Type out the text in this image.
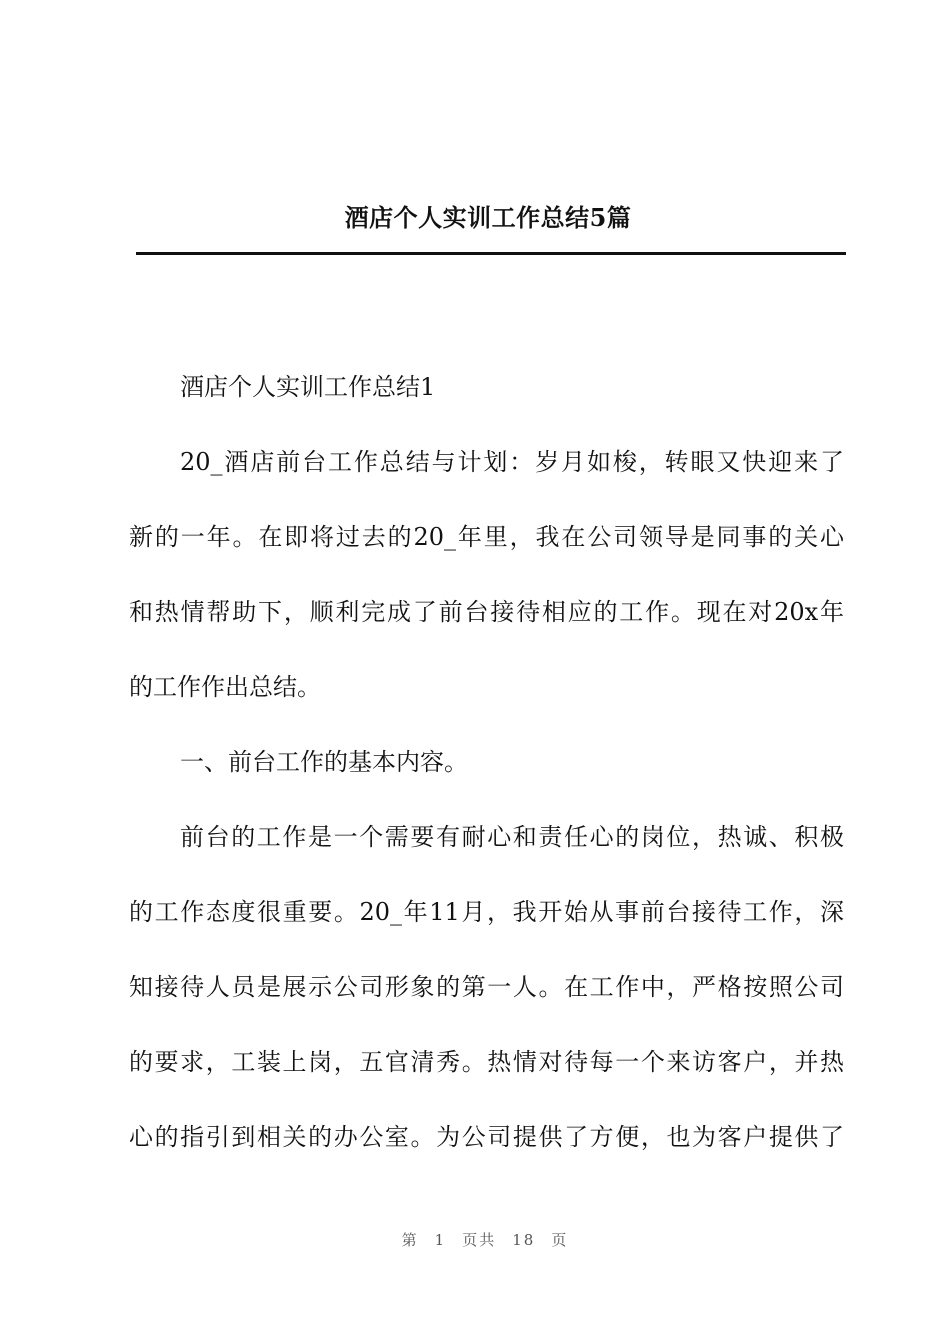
酒店个人实训工作总结5篇
酒店个人实训工作总结1
20_酒店前台工作总结与计划：岁月如梭，转眼又快迎来了
新的一年。在即将过去的20_年里，我在公司领导是同事的关心
和热情帮助下，顺利完成了前台接待相应的工作。现在对20x年
的工作作出总结。
一、前台工作的基本内容。
前台的工作是一个需要有耐心和责任心的岗位，热诚、积极
的工作态度很重要。20_年11月，我开始从事前台接待工作，深
知接待人员是展示公司形象的第一人。在工作中，严格按照公司
的要求，工装上岗，五官清秀。热情对待每一个来访客户，并热
心的指引到相关的办公室。为公司提供了方便，也为客户提供了
第 1 页共 18 页
